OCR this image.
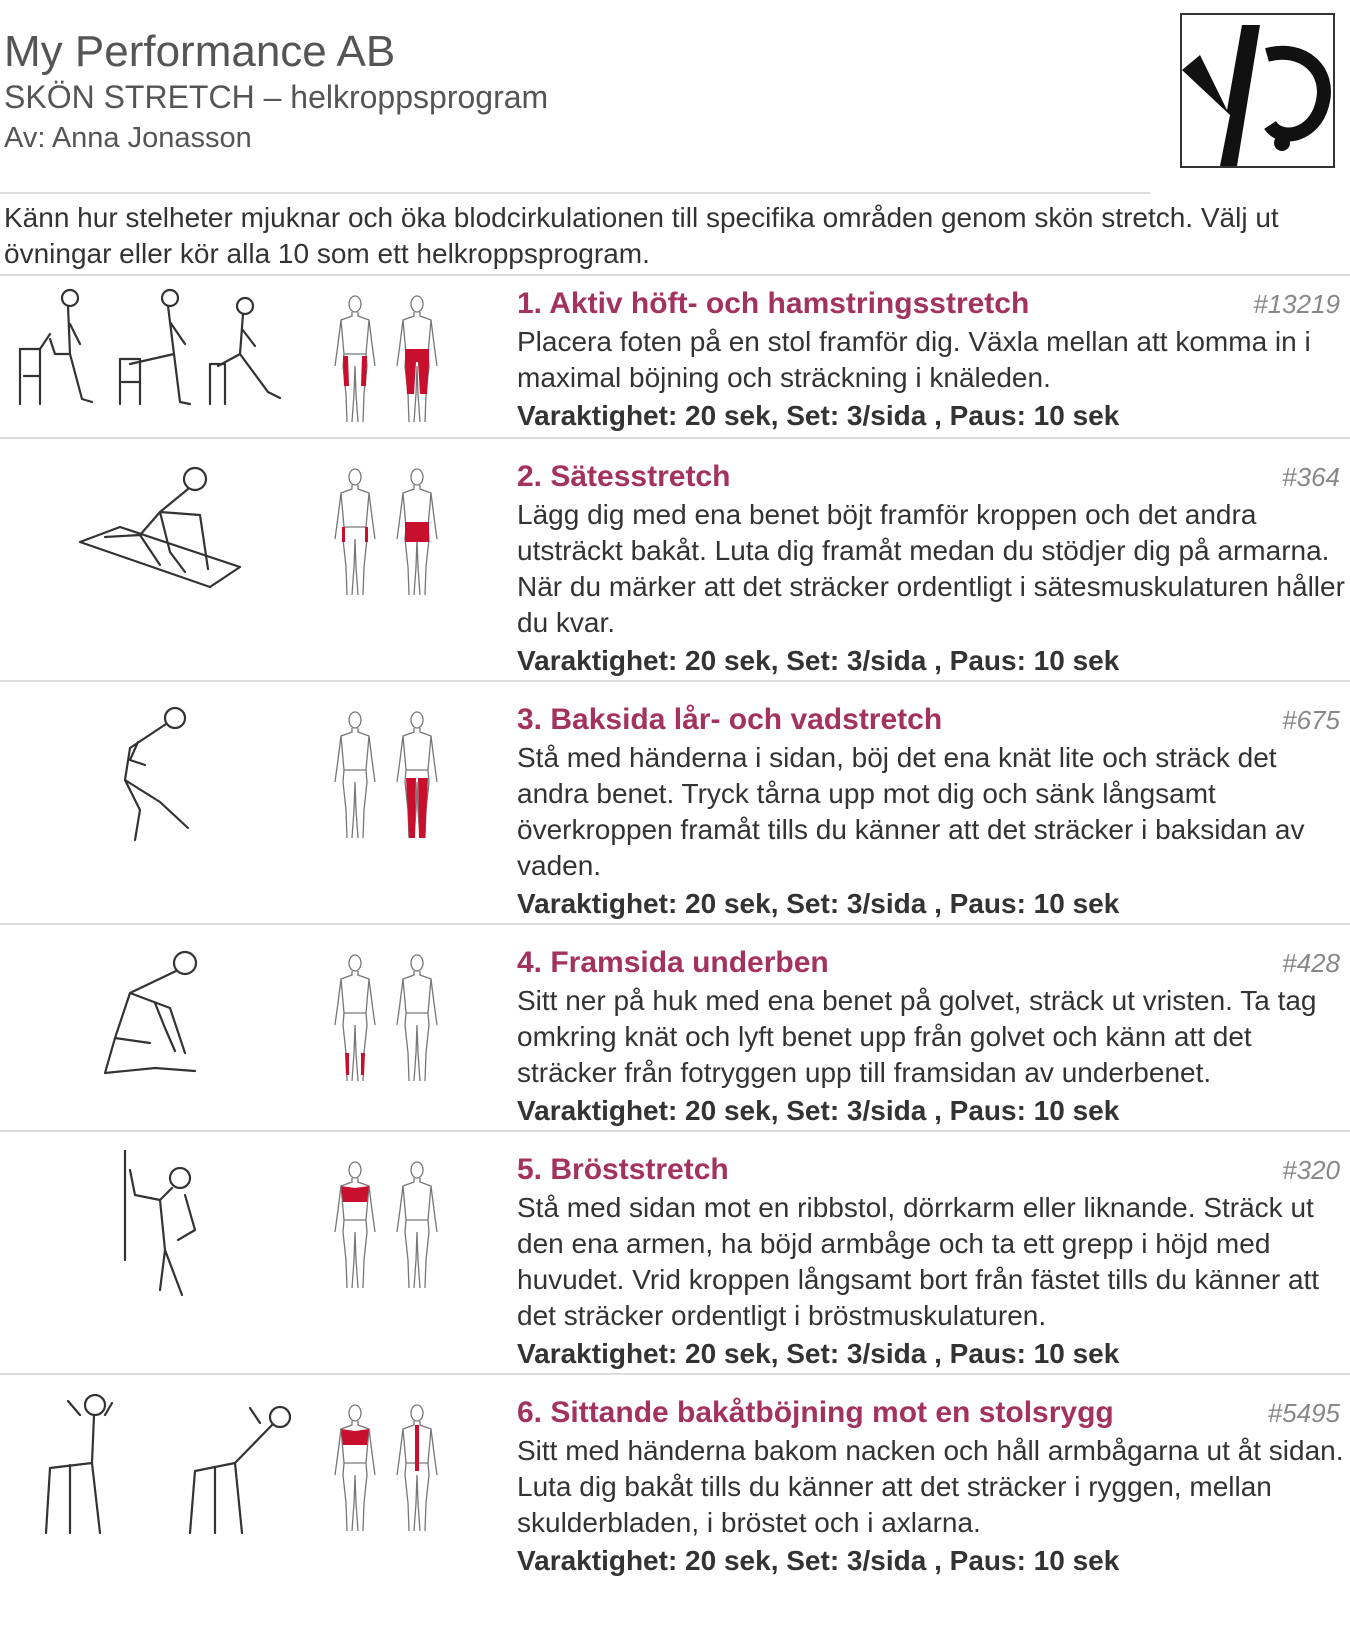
My Performance AB
SKÖN STRETCH – helkroppsprogram
Av: Anna Jonasson
Känn hur stelheter mjuknar och öka blodcirkulationen till specifika områden genom skön stretch. Välj ut övningar eller kör alla 10 som ett helkroppsprogram.
1. Aktiv höft- och hamstringsstretch
Placera foten på en stol framför dig. Växla mellan att komma in i maximal böjning och sträckning i knäleden.
Varaktighet: 20 sek, Set: 3/sida , Paus: 10 sek
#13219
2. Sätesstretch
Lägg dig med ena benet böjt framför kroppen och det andra utsträckt bakåt. Luta dig framåt medan du stödjer dig på armarna. När du märker att det sträcker ordentligt i sätesmuskulaturen håller du kvar.
Varaktighet: 20 sek, Set: 3/sida , Paus: 10 sek
#364
3. Baksida lår- och vadstretch
Stå med händerna i sidan, böj det ena knät lite och sträck det andra benet. Tryck tårna upp mot dig och sänk långsamt överkroppen framåt tills du känner att det sträcker i baksidan av vaden.
Varaktighet: 20 sek, Set: 3/sida , Paus: 10 sek
#675
4. Framsida underben
Sitt ner på huk med ena benet på golvet, sträck ut vristen. Ta tag omkring knät och lyft benet upp från golvet och känn att det sträcker från fotryggen upp till framsidan av underbenet.
Varaktighet: 20 sek, Set: 3/sida , Paus: 10 sek
#428
5. Bröststretch
Stå med sidan mot en ribbstol, dörrkarm eller liknande. Sträck ut den ena armen, ha böjd armbåge och ta ett grepp i höjd med huvudet. Vrid kroppen långsamt bort från fästet tills du känner att det sträcker ordentligt i bröstmuskulaturen.
Varaktighet: 20 sek, Set: 3/sida , Paus: 10 sek
#320
6. Sittande bakåtböjning mot en stolsrygg
Sitt med händerna bakom nacken och håll armbågarna ut åt sidan. Luta dig bakåt tills du känner att det sträcker i ryggen, mellan skulderbladen, i bröstet och i axlarna.
Varaktighet: 20 sek, Set: 3/sida , Paus: 10 sek
#5495
